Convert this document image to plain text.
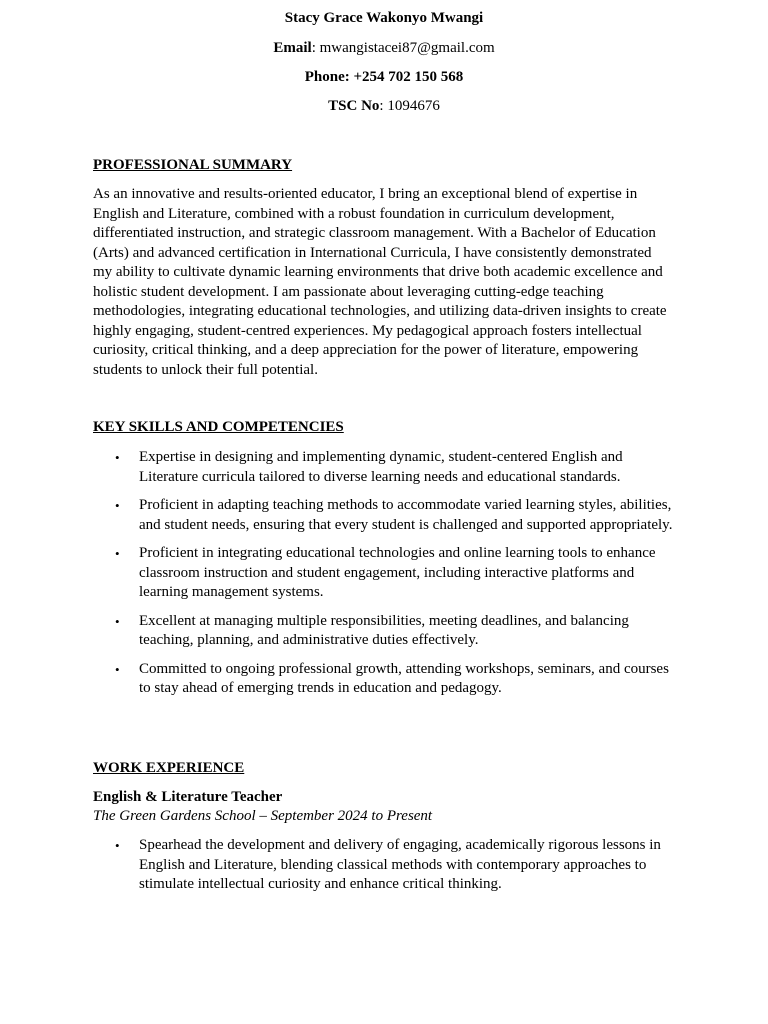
Stacy Grace Wakonyo Mwangi
Email: mwangistacei87@gmail.com
Phone: +254 702 150 568
TSC No: 1094676
PROFESSIONAL SUMMARY

As an innovative and results-oriented educator, I bring an exceptional blend of expertise in English and Literature, combined with a robust foundation in curriculum development, differentiated instruction, and strategic classroom management. With a Bachelor of Education (Arts) and advanced certification in International Curricula, I have consistently demonstrated my ability to cultivate dynamic learning environments that drive both academic excellence and holistic student development. I am passionate about leveraging cutting-edge teaching methodologies, integrating educational technologies, and utilizing data-driven insights to create highly engaging, student-centred experiences. My pedagogical approach fosters intellectual curiosity, critical thinking, and a deep appreciation for the power of literature, empowering students to unlock their full potential.

KEY SKILLS AND COMPETENCIES
• Expertise in designing and implementing dynamic, student-centered English and Literature curricula tailored to diverse learning needs and educational standards.
• Proficient in adapting teaching methods to accommodate varied learning styles, abilities, and student needs, ensuring that every student is challenged and supported appropriately.
• Proficient in integrating educational technologies and online learning tools to enhance classroom instruction and student engagement, including interactive platforms and learning management systems.
• Excellent at managing multiple responsibilities, meeting deadlines, and balancing teaching, planning, and administrative duties effectively.
• Committed to ongoing professional growth, attending workshops, seminars, and courses to stay ahead of emerging trends in education and pedagogy.
WORK EXPERIENCE
English & Literature Teacher
The Green Gardens School – September 2024 to Present
• Spearhead the development and delivery of engaging, academically rigorous lessons in English and Literature, blending classical methods with contemporary approaches to stimulate intellectual curiosity and enhance critical thinking.
